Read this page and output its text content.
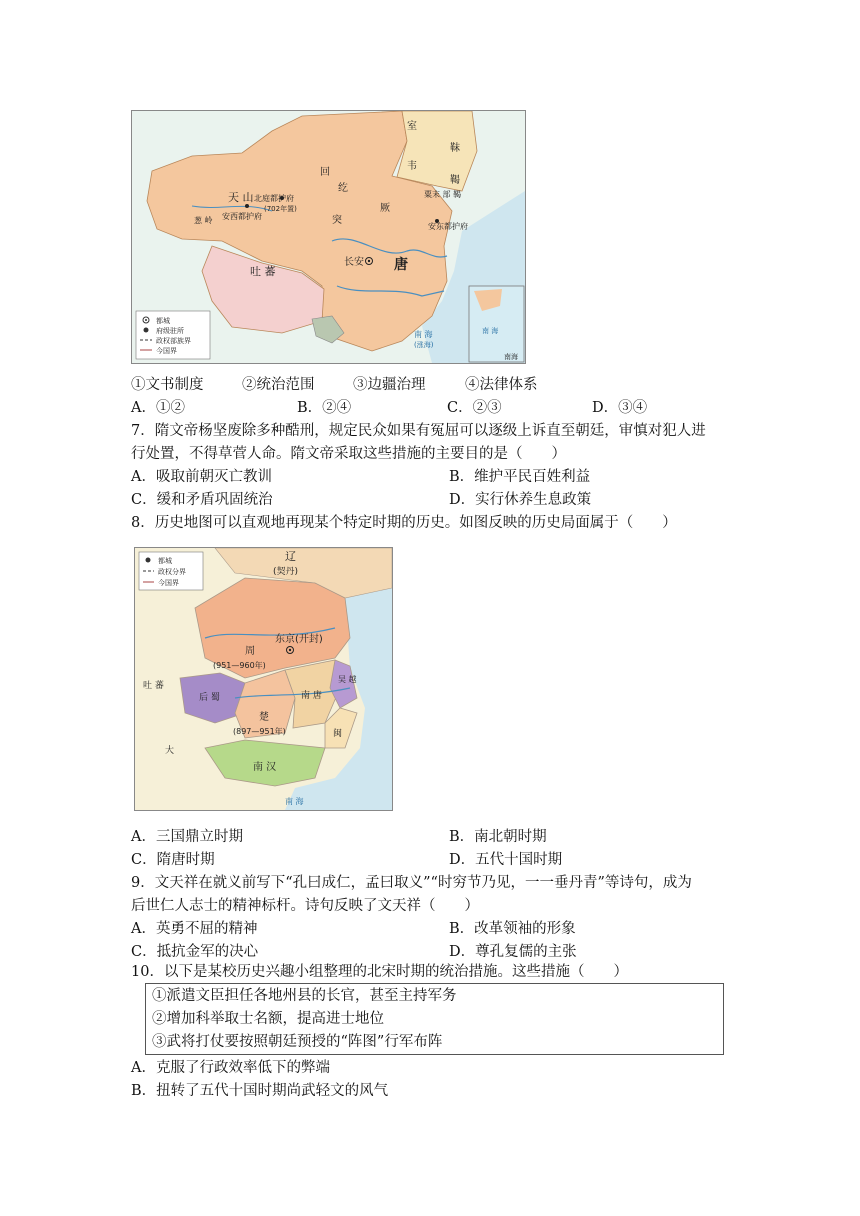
室
韦
靺
鞨
回
纥
突
厥
天 山 北庭都护府
(702年置)
安西都护府
葱 岭
粟末 部 鞨
安东都护府
吐 蕃
长安 唐
南 海
(涨海)
南 海
南海
都城
府级驻所
政权部族界
今国界
①文书制度	②统治范围	③边疆治理	④法律体系
A．①②	B．②④	C．②③	D．③④
7．隋文帝杨坚废除多种酷刑，规定民众如果有冤屈可以逐级上诉直至朝廷，审慎对犯人进
行处置，不得草菅人命。隋文帝采取这些措施的主要目的是（　　）
A．吸取前朝灭亡教训	B．维护平民百姓利益
C．缓和矛盾巩固统治	D．实行休养生息政策
8．历史地图可以直观地再现某个特定时期的历史。如图反映的历史局面属于（　　）
都城
政权分界
今国界
辽
(契丹)
东京(开封)
周
(951—960年)
吐 蕃
后 蜀
楚
(897—951年)
南 唐
吴 越
闽
南 汉
大
南 海
A．三国鼎立时期	B．南北朝时期
C．隋唐时期	D．五代十国时期
9．文天祥在就义前写下“孔曰成仁，孟曰取义”“时穷节乃见，一一垂丹青”等诗句，成为
后世仁人志士的精神标杆。诗句反映了文天祥（　　）
A．英勇不屈的精神	B．改革领袖的形象
C．抵抗金军的决心	D．尊孔复儒的主张
10．以下是某校历史兴趣小组整理的北宋时期的统治措施。这些措施（　　）
①派遣文臣担任各地州县的长官，甚至主持军务
②增加科举取士名额，提高进士地位
③武将打仗要按照朝廷预授的“阵图”行军布阵
A．克服了行政效率低下的弊端
B．扭转了五代十国时期尚武轻文的风气
